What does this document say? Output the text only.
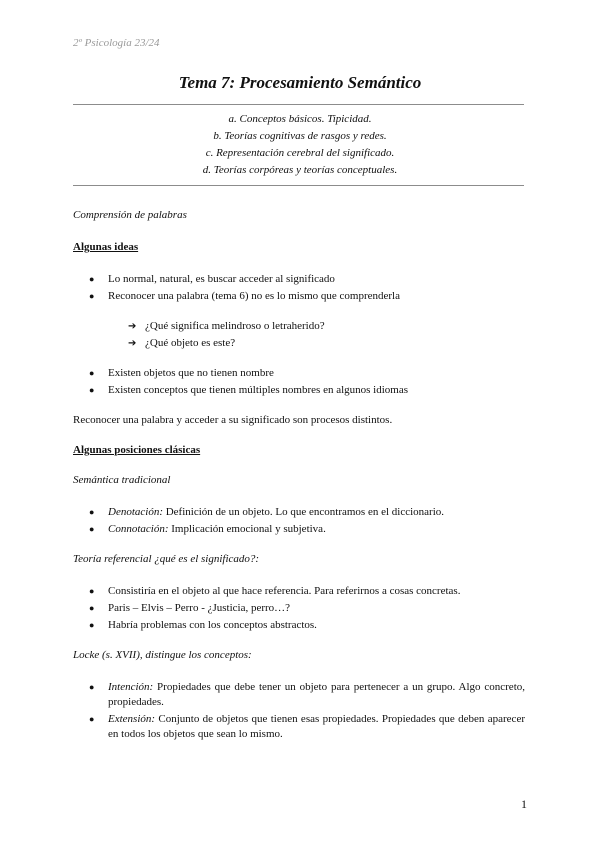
2º Psicología 23/24
Tema 7: Procesamiento Semántico
a. Conceptos básicos. Tipicidad.
b. Teorías cognitivas de rasgos y redes.
c. Representación cerebral del significado.
d. Teorías corpóreas y teorías conceptuales.

Comprensión de palabras

Algunas ideas

● Lo normal, natural, es buscar acceder al significado
● Reconocer una palabra (tema 6) no es lo mismo que comprenderla
➔ ¿Qué significa melindroso o letraherido?
➔ ¿Qué objeto es este?
● Existen objetos que no tienen nombre
● Existen conceptos que tienen múltiples nombres en algunos idiomas

Reconocer una palabra y acceder a su significado son procesos distintos.

Algunas posiciones clásicas

Semántica tradicional

● Denotación: Definición de un objeto. Lo que encontramos en el diccionario.
● Connotación: Implicación emocional y subjetiva.

Teoría referencial ¿qué es el significado?:

● Consistiría en el objeto al que hace referencia. Para referirnos a cosas concretas.
● Paris – Elvis – Perro - ¿Justicia, perro…?
● Habría problemas con los conceptos abstractos.

Locke (s. XVII), distingue los conceptos:

● Intención: Propiedades que debe tener un objeto para pertenecer a un grupo. Algo concreto, propiedades.
● Extensión: Conjunto de objetos que tienen esas propiedades. Propiedades que deben aparecer en todos los objetos que sean lo mismo.
1
